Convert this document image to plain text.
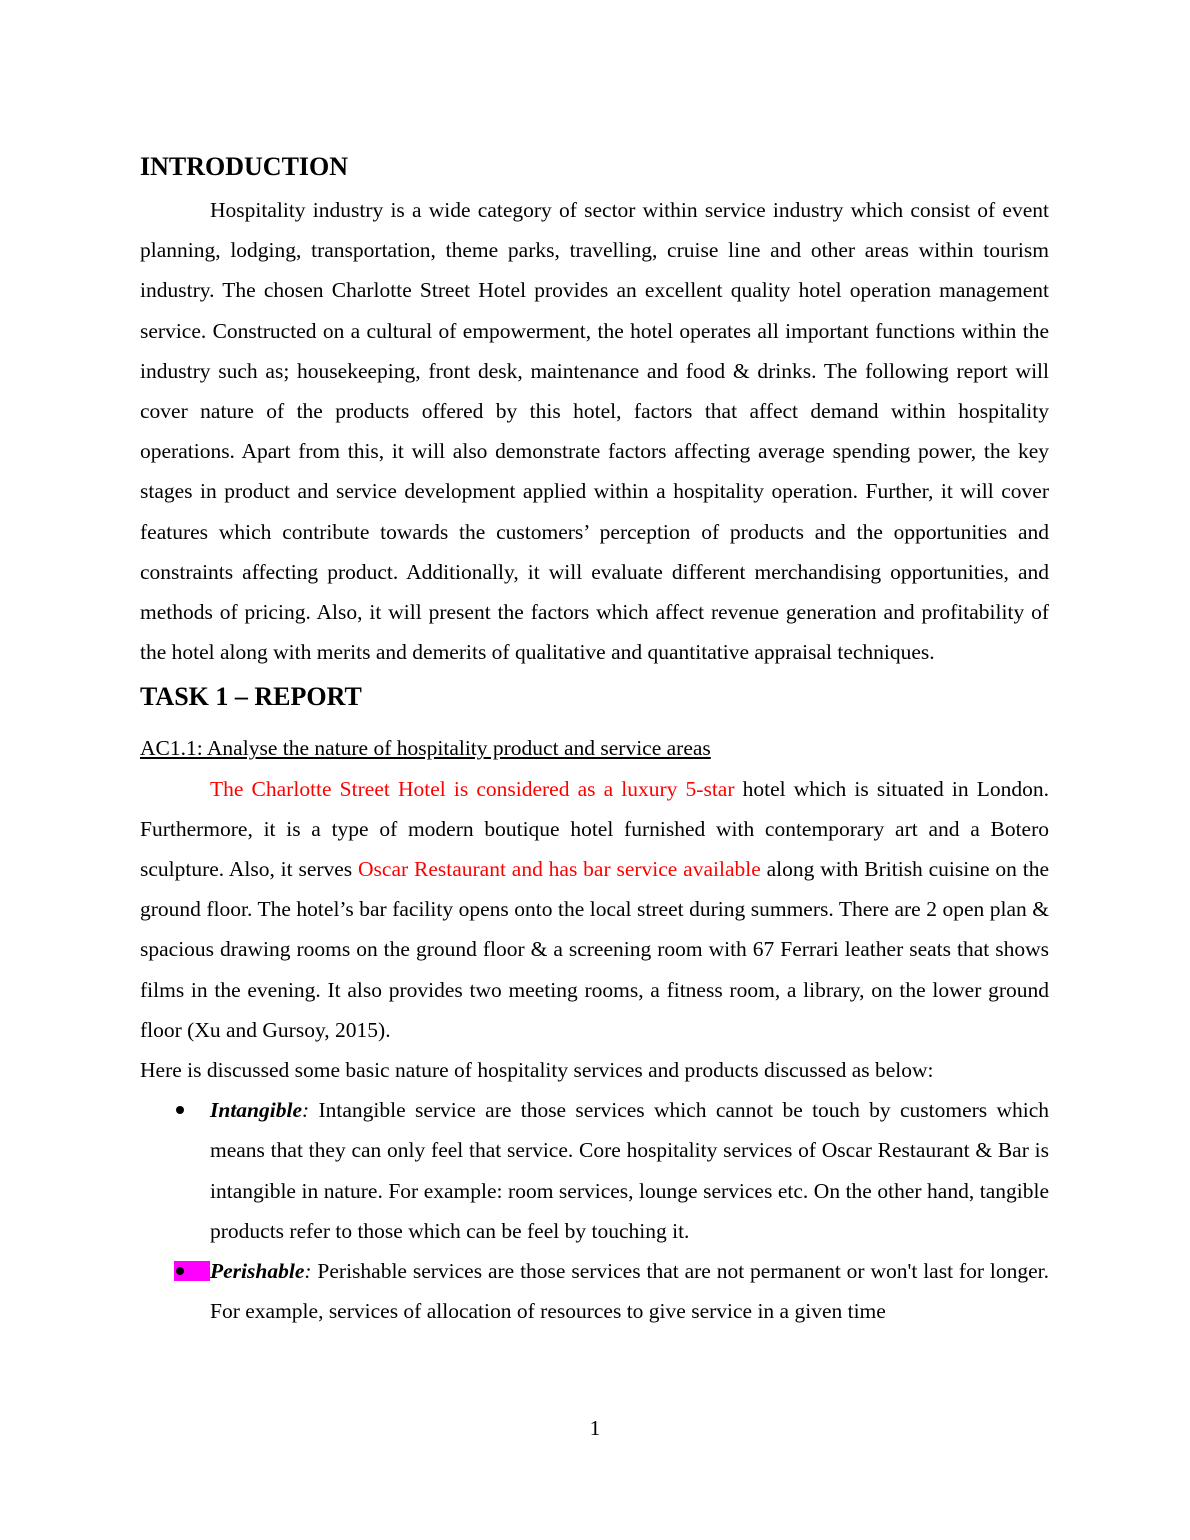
INTRODUCTION

Hospitality industry is a wide category of sector within service industry which consist of event planning, lodging, transportation, theme parks, travelling, cruise line and other areas within tourism industry. The chosen Charlotte Street Hotel provides an excellent quality hotel operation management service. Constructed on a cultural of empowerment, the hotel operates all important functions within the industry such as; housekeeping, front desk, maintenance and food & drinks. The following report will cover nature of the products offered by this hotel, factors that affect demand within hospitality operations. Apart from this, it will also demonstrate factors affecting average spending power, the key stages in product and service development applied within a hospitality operation. Further, it will cover features which contribute towards the customers’ perception of products and the opportunities and constraints affecting product. Additionally, it will evaluate different merchandising opportunities, and methods of pricing. Also, it will present the factors which affect revenue generation and profitability of the hotel along with merits and demerits of qualitative and quantitative appraisal techniques.

TASK 1 – REPORT
AC1.1: Analyse the nature of hospitality product and service areas

The Charlotte Street Hotel is considered as a luxury 5-star hotel which is situated in London. Furthermore, it is a type of modern boutique hotel furnished with contemporary art and a Botero sculpture. Also, it serves Oscar Restaurant and has bar service available along with British cuisine on the ground floor. The hotel’s bar facility opens onto the local street during summers. There are 2 open plan & spacious drawing rooms on the ground floor & a screening room with 67 Ferrari leather seats that shows films in the evening. It also provides two meeting rooms, a fitness room, a library, on the lower ground floor (Xu and Gursoy, 2015).

Here is discussed some basic nature of hospitality services and products discussed as below:

Intangible: Intangible service are those services which cannot be touch by customers which means that they can only feel that service. Core hospitality services of Oscar Restaurant & Bar is intangible in nature. For example: room services, lounge services etc. On the other hand, tangible products refer to those which can be feel by touching it.
Perishable: Perishable services are those services that are not permanent or won't last for longer. For example, services of allocation of resources to give service in a given time
1
